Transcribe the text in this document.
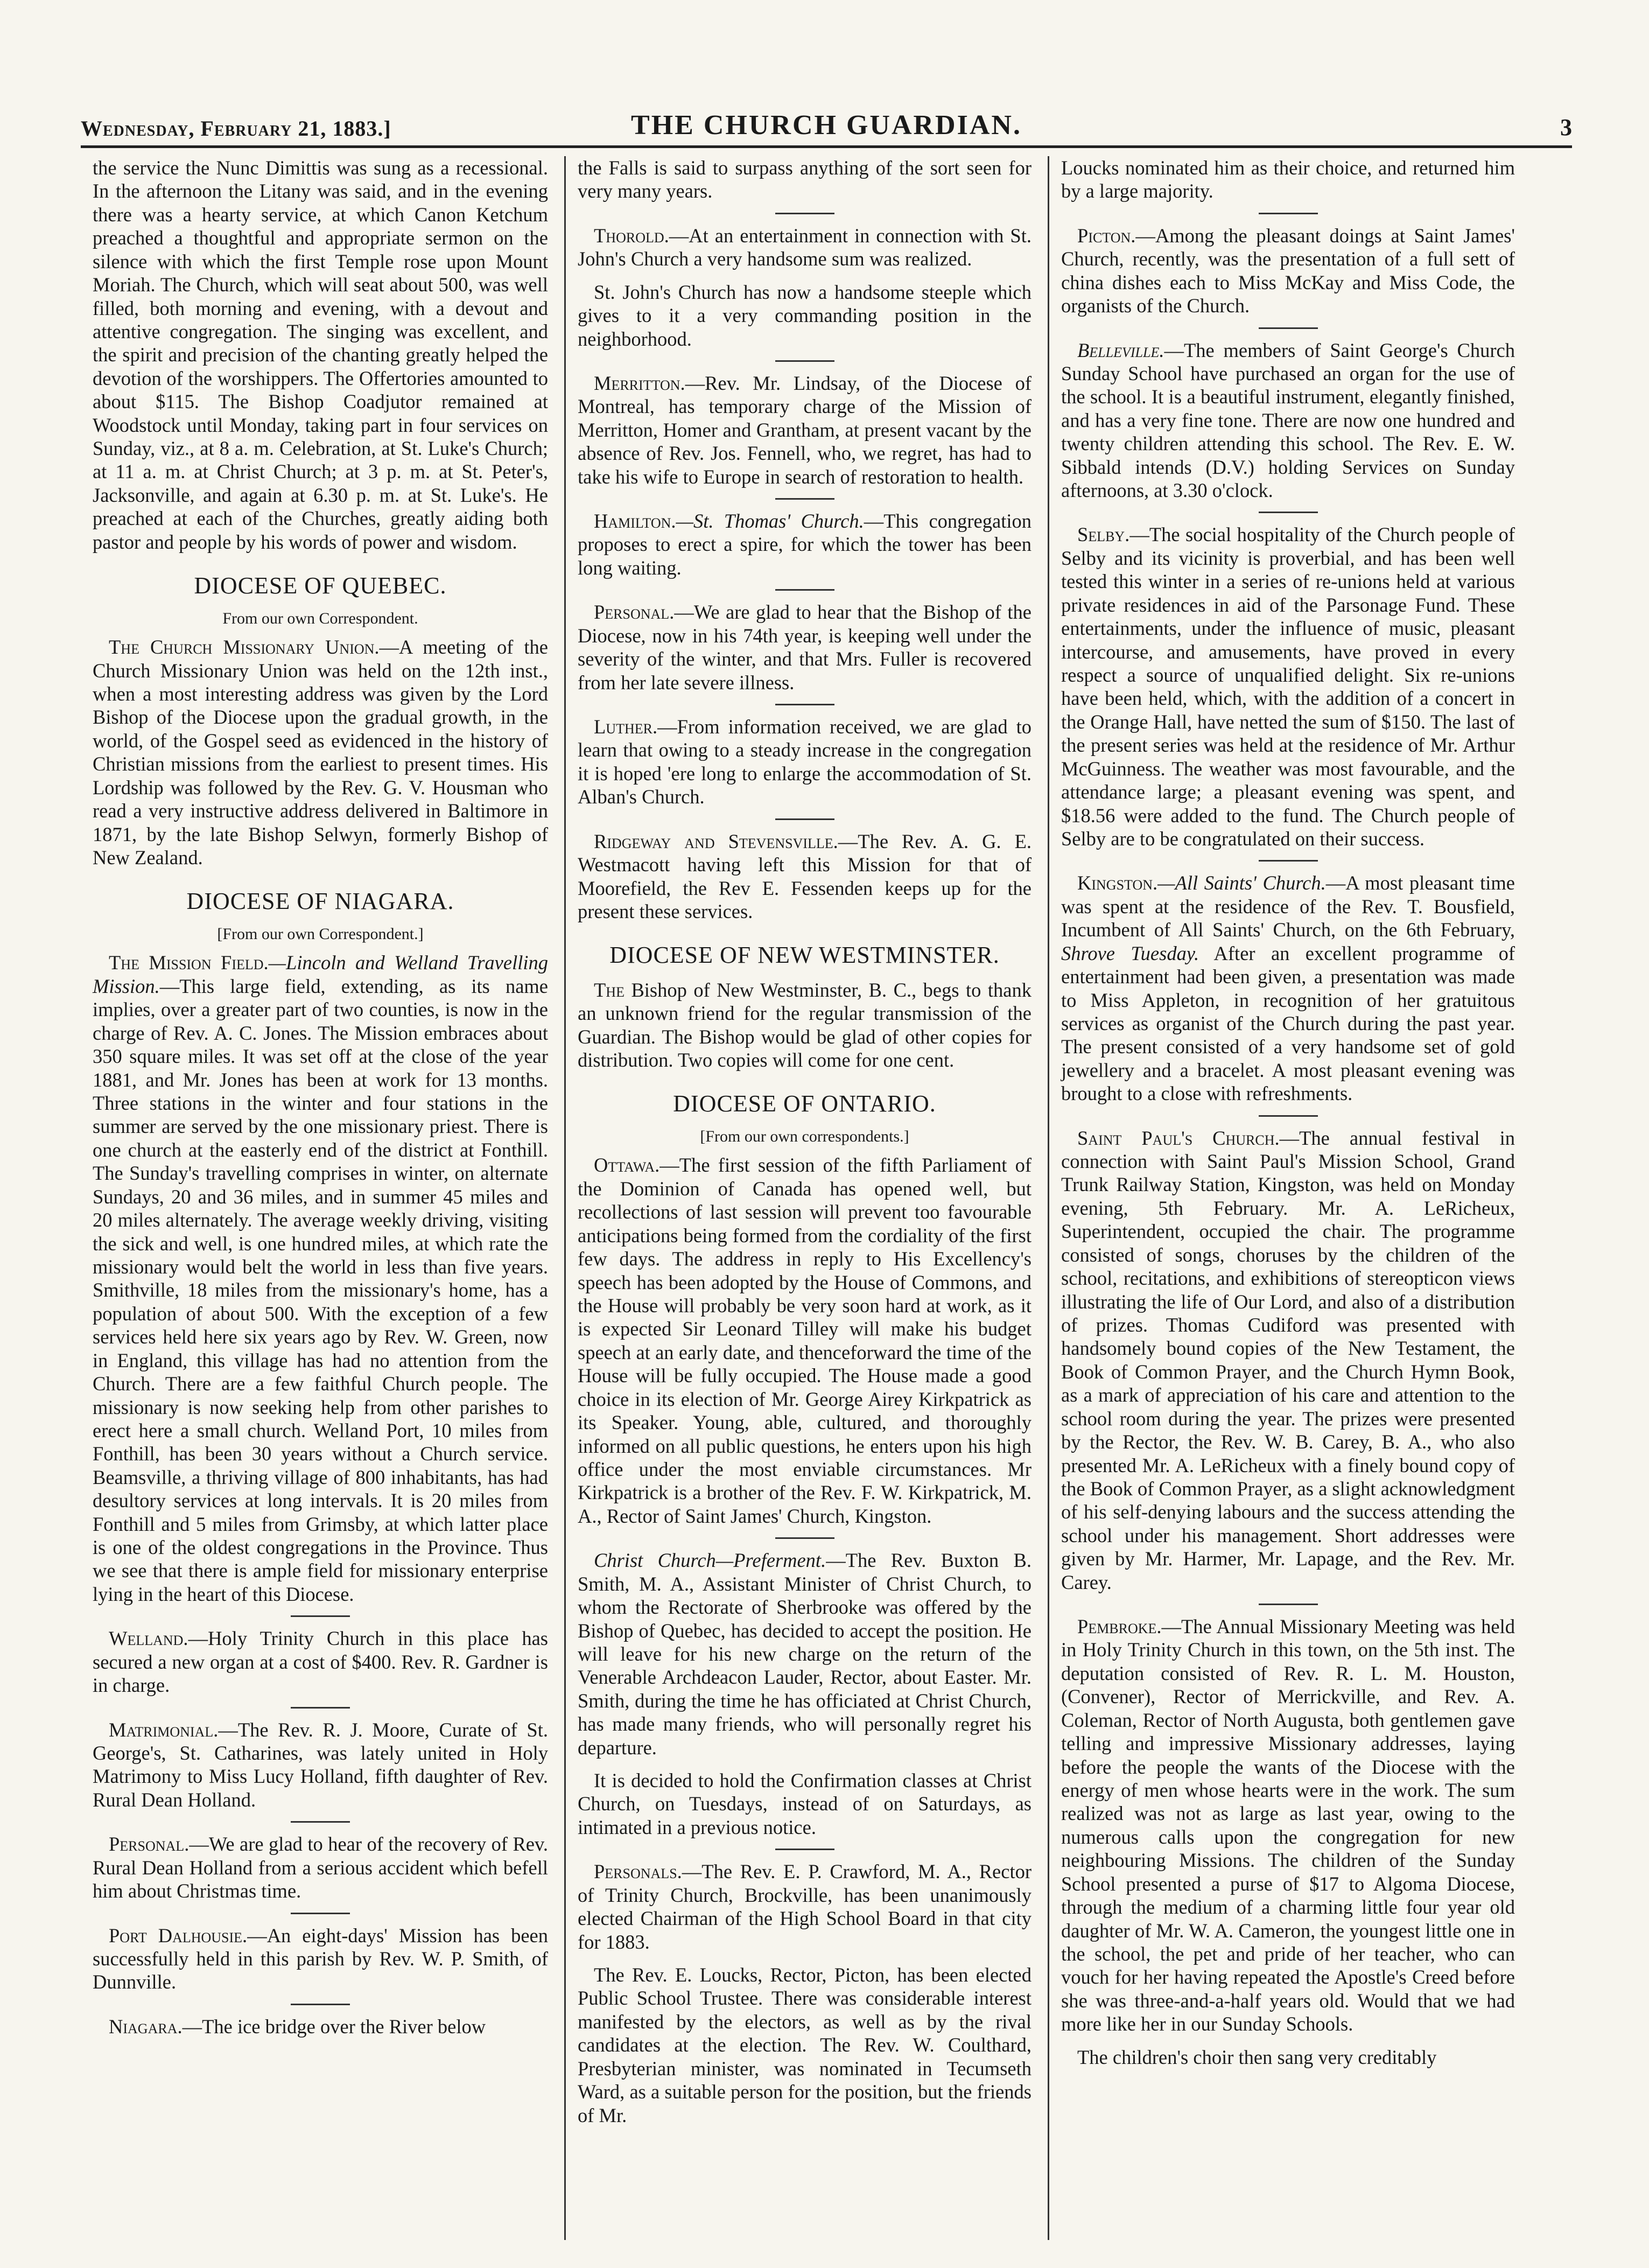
Wednesday, February 21, 1883.]	THE CHURCH GUARDIAN.	3

the service the Nunc Dimittis was sung as a recessional. In the afternoon the Litany was said, and in the evening there was a hearty service, at which Canon Ketchum preached a thoughtful and appropriate sermon on the silence with which the first Temple rose upon Mount Moriah. The Church, which will seat about 500, was well filled, both morning and evening, with a devout and attentive congregation. The singing was excellent, and the spirit and precision of the chanting greatly helped the devotion of the worshippers. The Offertories amounted to about $115. The Bishop Coadjutor remained at Woodstock until Monday, taking part in four services on Sunday, viz., at 8 a. m. Celebration, at St. Luke's Church; at 11 a. m. at Christ Church; at 3 p. m. at St. Peter's, Jacksonville, and again at 6.30 p. m. at St. Luke's. He preached at each of the Churches, greatly aiding both pastor and people by his words of power and wisdom.

DIOCESE OF QUEBEC.
From our own Correspondent.

The Church Missionary Union.—A meeting of the Church Missionary Union was held on the 12th inst., when a most interesting address was given by the Lord Bishop of the Diocese upon the gradual growth, in the world, of the Gospel seed as evidenced in the history of Christian missions from the earliest to present times. His Lordship was followed by the Rev. G. V. Housman who read a very instructive address delivered in Baltimore in 1871, by the late Bishop Selwyn, formerly Bishop of New Zealand.

DIOCESE OF NIAGARA.
[From our own Correspondent.]

The Mission Field.—Lincoln and Welland Travelling Mission.—This large field, extending, as its name implies, over a greater part of two counties, is now in the charge of Rev. A. C. Jones. The Mission embraces about 350 square miles. It was set off at the close of the year 1881, and Mr. Jones has been at work for 13 months. Three stations in the winter and four stations in the summer are served by the one missionary priest. There is one church at the easterly end of the district at Fonthill. The Sunday's travelling comprises in winter, on alternate Sundays, 20 and 36 miles, and in summer 45 miles and 20 miles alternately. The average weekly driving, visiting the sick and well, is one hundred miles, at which rate the missionary would belt the world in less than five years. Smithville, 18 miles from the missionary's home, has a population of about 500. With the exception of a few services held here six years ago by Rev. W. Green, now in England, this village has had no attention from the Church. There are a few faithful Church people. The missionary is now seeking help from other parishes to erect here a small church. Welland Port, 10 miles from Fonthill, has been 30 years without a Church service. Beamsville, a thriving village of 800 inhabitants, has had desultory services at long intervals. It is 20 miles from Fonthill and 5 miles from Grimsby, at which latter place is one of the oldest congregations in the Province. Thus we see that there is ample field for missionary enterprise lying in the heart of this Diocese.

Welland.—Holy Trinity Church in this place has secured a new organ at a cost of $400. Rev. R. Gardner is in charge.

Matrimonial.—The Rev. R. J. Moore, Curate of St. George's, St. Catharines, was lately united in Holy Matrimony to Miss Lucy Holland, fifth daughter of Rev. Rural Dean Holland.

Personal.—We are glad to hear of the recovery of Rev. Rural Dean Holland from a serious accident which befell him about Christmas time.

Port Dalhousie.—An eight-days' Mission has been successfully held in this parish by Rev. W. P. Smith, of Dunnville.

Niagara.—The ice bridge over the River below

the Falls is said to surpass anything of the sort seen for very many years.

Thorold.—At an entertainment in connection with St. John's Church a very handsome sum was realized.

St. John's Church has now a handsome steeple which gives to it a very commanding position in the neighborhood.

Merritton.—Rev. Mr. Lindsay, of the Diocese of Montreal, has temporary charge of the Mission of Merritton, Homer and Grantham, at present vacant by the absence of Rev. Jos. Fennell, who, we regret, has had to take his wife to Europe in search of restoration to health.

Hamilton.—St. Thomas' Church.—This congregation proposes to erect a spire, for which the tower has been long waiting.

Personal.—We are glad to hear that the Bishop of the Diocese, now in his 74th year, is keeping well under the severity of the winter, and that Mrs. Fuller is recovered from her late severe illness.

Luther.—From information received, we are glad to learn that owing to a steady increase in the congregation it is hoped 'ere long to enlarge the accommodation of St. Alban's Church.

Ridgeway and Stevensville.—The Rev. A. G. E. Westmacott having left this Mission for that of Moorefield, the Rev E. Fessenden keeps up for the present these services.

DIOCESE OF NEW WESTMINSTER.

The Bishop of New Westminster, B. C., begs to thank an unknown friend for the regular transmission of the Guardian. The Bishop would be glad of other copies for distribution. Two copies will come for one cent.

DIOCESE OF ONTARIO.
[From our own correspondents.]

Ottawa.—The first session of the fifth Parliament of the Dominion of Canada has opened well, but recollections of last session will prevent too favourable anticipations being formed from the cordiality of the first few days. The address in reply to His Excellency's speech has been adopted by the House of Commons, and the House will probably be very soon hard at work, as it is expected Sir Leonard Tilley will make his budget speech at an early date, and thenceforward the time of the House will be fully occupied. The House made a good choice in its election of Mr. George Airey Kirkpatrick as its Speaker. Young, able, cultured, and thoroughly informed on all public questions, he enters upon his high office under the most enviable circumstances. Mr Kirkpatrick is a brother of the Rev. F. W. Kirkpatrick, M. A., Rector of Saint James' Church, Kingston.

Christ Church—Preferment.—The Rev. Buxton B. Smith, M. A., Assistant Minister of Christ Church, to whom the Rectorate of Sherbrooke was offered by the Bishop of Quebec, has decided to accept the position. He will leave for his new charge on the return of the Venerable Archdeacon Lauder, Rector, about Easter. Mr. Smith, during the time he has officiated at Christ Church, has made many friends, who will personally regret his departure.

It is decided to hold the Confirmation classes at Christ Church, on Tuesdays, instead of on Saturdays, as intimated in a previous notice.

Personals.—The Rev. E. P. Crawford, M. A., Rector of Trinity Church, Brockville, has been unanimously elected Chairman of the High School Board in that city for 1883.

The Rev. E. Loucks, Rector, Picton, has been elected Public School Trustee. There was considerable interest manifested by the electors, as well as by the rival candidates at the election. The Rev. W. Coulthard, Presbyterian minister, was nominated in Tecumseth Ward, as a suitable person for the position, but the friends of Mr.

Loucks nominated him as their choice, and returned him by a large majority.

Picton.—Among the pleasant doings at Saint James' Church, recently, was the presentation of a full sett of china dishes each to Miss McKay and Miss Code, the organists of the Church.

Belleville.—The members of Saint George's Church Sunday School have purchased an organ for the use of the school. It is a beautiful instrument, elegantly finished, and has a very fine tone. There are now one hundred and twenty children attending this school. The Rev. E. W. Sibbald intends (D.V.) holding Services on Sunday afternoons, at 3.30 o'clock.

Selby.—The social hospitality of the Church people of Selby and its vicinity is proverbial, and has been well tested this winter in a series of re-unions held at various private residences in aid of the Parsonage Fund. These entertainments, under the influence of music, pleasant intercourse, and amusements, have proved in every respect a source of unqualified delight. Six re-unions have been held, which, with the addition of a concert in the Orange Hall, have netted the sum of $150. The last of the present series was held at the residence of Mr. Arthur McGuinness. The weather was most favourable, and the attendance large; a pleasant evening was spent, and $18.56 were added to the fund. The Church people of Selby are to be congratulated on their success.

Kingston.—All Saints' Church.—A most pleasant time was spent at the residence of the Rev. T. Bousfield, Incumbent of All Saints' Church, on the 6th February, Shrove Tuesday. After an excellent programme of entertainment had been given, a presentation was made to Miss Appleton, in recognition of her gratuitous services as organist of the Church during the past year. The present consisted of a very handsome set of gold jewellery and a bracelet. A most pleasant evening was brought to a close with refreshments.

Saint Paul's Church.—The annual festival in connection with Saint Paul's Mission School, Grand Trunk Railway Station, Kingston, was held on Monday evening, 5th February. Mr. A. LeRicheux, Superintendent, occupied the chair. The programme consisted of songs, choruses by the children of the school, recitations, and exhibitions of stereopticon views illustrating the life of Our Lord, and also of a distribution of prizes. Thomas Cudiford was presented with handsomely bound copies of the New Testament, the Book of Common Prayer, and the Church Hymn Book, as a mark of appreciation of his care and attention to the school room during the year. The prizes were presented by the Rector, the Rev. W. B. Carey, B. A., who also presented Mr. A. LeRicheux with a finely bound copy of the Book of Common Prayer, as a slight acknowledgment of his self-denying labours and the success attending the school under his management. Short addresses were given by Mr. Harmer, Mr. Lapage, and the Rev. Mr. Carey.

Pembroke.—The Annual Missionary Meeting was held in Holy Trinity Church in this town, on the 5th inst. The deputation consisted of Rev. R. L. M. Houston, (Convener), Rector of Merrickville, and Rev. A. Coleman, Rector of North Augusta, both gentlemen gave telling and impressive Missionary addresses, laying before the people the wants of the Diocese with the energy of men whose hearts were in the work. The sum realized was not as large as last year, owing to the numerous calls upon the congregation for new neighbouring Missions. The children of the Sunday School presented a purse of $17 to Algoma Diocese, through the medium of a charming little four year old daughter of Mr. W. A. Cameron, the youngest little one in the school, the pet and pride of her teacher, who can vouch for her having repeated the Apostle's Creed before she was three-and-a-half years old. Would that we had more like her in our Sunday Schools.

The children's choir then sang very creditably
